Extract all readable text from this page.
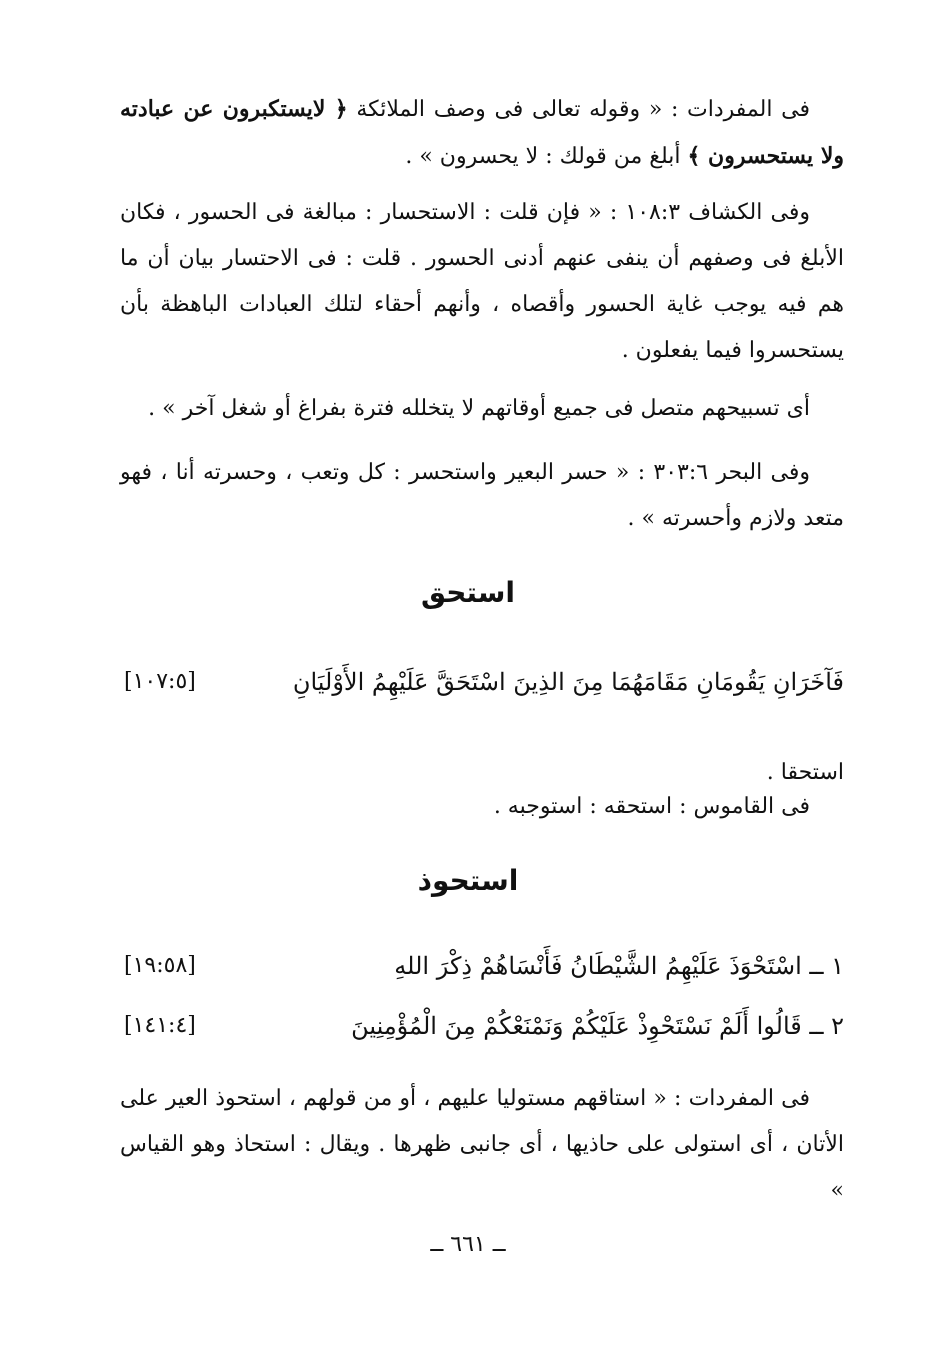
فى المفردات : « وقوله تعالى فى وصف الملائكة ﴿ لايستكبرون عن عبادته ولا يستحسرون ﴾ أبلغ من قولك : لا يحسرون » .
وفى الكشاف ١٠٨:٣ : « فإن قلت : الاستحسار : مبالغة فى الحسور ، فكان الأبلغ فى وصفهم أن ينفى عنهم أدنى الحسور . قلت : فى الاحتسار بيان أن ما هم فيه يوجب غاية الحسور وأقصاه ، وأنهم أحقاء لتلك العبادات الباهظة بأن يستحسروا فيما يفعلون .
أى تسبيحهم متصل فى جميع أوقاتهم لا يتخلله فترة بفراغ أو شغل آخر » .
وفى البحر ٣٠٣:٦ : « حسر البعير واستحسر : كل وتعب ، وحسرته أنا ، فهو متعد ولازم وأحسرته » .
استحق
فَآخَرَانِ يَقُومَانِ مَقَامَهُمَا مِنَ الذِينَ اسْتَحَقَّ عَلَيْهِمُ الأَوْلَيَانِ
[١٠٧:٥]
استحقا .
فى القاموس : استحقه : استوجبه .
استحوذ
١ ــ اسْتَحْوَذَ عَلَيْهِمُ الشَّيْطَانُ فَأَنْسَاهُمْ ذِكْرَ اللهِ
[١٩:٥٨]
٢ ــ قَالُوا أَلَمْ نَسْتَحْوِذْ عَلَيْكُمْ وَنَمْنَعْكُمْ مِنَ الْمُؤْمِنِينَ
[١٤١:٤]
فى المفردات : « استاقهم مستوليا عليهم ، أو من قولهم ، استحوذ العير على الأتان ، أى استولى على حاذيها ، أى جانبى ظهرها . ويقال : استحاذ وهو القياس »
ــ ٦٦١ ــ
